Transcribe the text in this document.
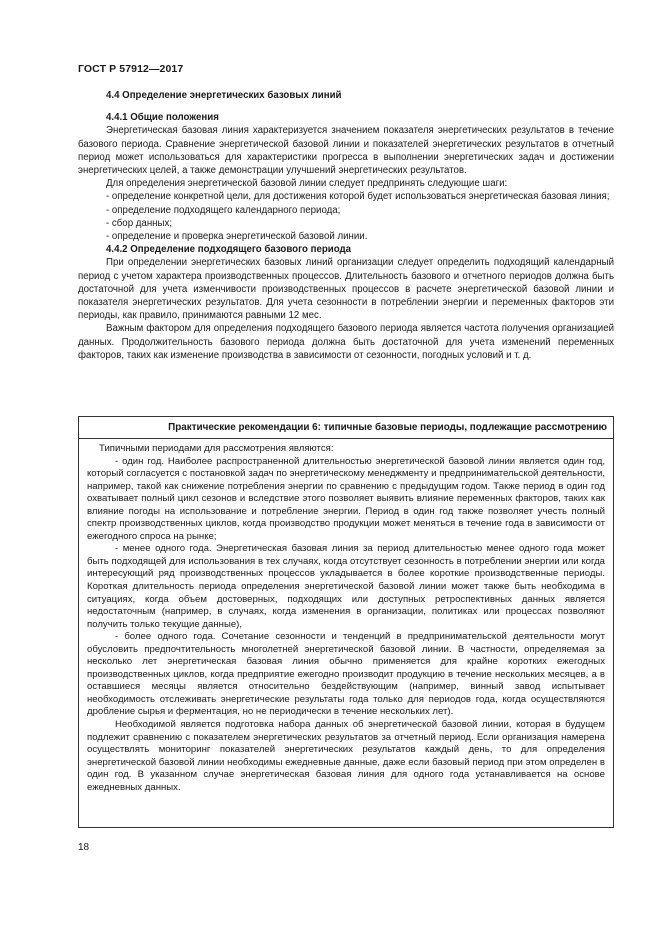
ГОСТ Р 57912—2017
4.4 Определение энергетических базовых линий
4.4.1 Общие положения

Энергетическая базовая линия характеризуется значением показателя энергетических результатов в течение базового периода. Сравнение энергетической базовой линии и показателей энергетических результатов в отчетный период может использоваться для характеристики прогресса в выполнении энергетических задач и достижении энергетических целей, а также демонстрации улучшений энергетических результатов.

Для определения энергетической базовой линии следует предпринять следующие шаги:

- определение конкретной цели, для достижения которой будет использоваться энергетическая базовая линия;

- определение подходящего календарного периода;

- сбор данных;

- определение и проверка энергетической базовой линии.

4.4.2 Определение подходящего базового периода

При определении энергетических базовых линий организации следует определить подходящий календарный период с учетом характера производственных процессов. Длительность базового и отчетного периодов должна быть достаточной для учета изменчивости производственных процессов в расчете энергетической базовой линии и показателя энергетических результатов. Для учета сезонности в потреблении энергии и переменных факторов эти периоды, как правило, принимаются равными 12 мес.

Важным фактором для определения подходящего базового периода является частота получения организацией данных. Продолжительность базового периода должна быть достаточной для учета изменений переменных факторов, таких как изменение производства в зависимости от сезонности, погодных условий и т. д.

Практические рекомендации 6: типичные базовые периоды, подлежащие рассмотрению

Типичными периодами для рассмотрения являются:

- один год. Наиболее распространенной длительностью энергетической базовой линии является один год, который согласуется с постановкой задач по энергетическому менеджменту и предпринимательской деятельности, например, такой как снижение потребления энергии по сравнению с предыдущим годом. Также период в один год охватывает полный цикл сезонов и вследствие этого позволяет выявить влияние переменных факторов, таких как влияние погоды на использование и потребление энергии. Период в один год также позволяет учесть полный спектр производственных циклов, когда производство продукции может меняться в течение года в зависимости от ежегодного спроса на рынке;

- менее одного года. Энергетическая базовая линия за период длительностью менее одного года может быть подходящей для использования в тех случаях, когда отсутствует сезонность в потреблении энергии или когда интересующий ряд производственных процессов укладывается в более короткие производственные периоды. Короткая длительность периода определения энергетической базовой линии может также быть необходима в ситуациях, когда объем достоверных, подходящих или доступных ретроспективных данных является недостаточным (например, в случаях, когда изменения в организации, политиках или процессах позволяют получить только текущие данные),

- более одного года. Сочетание сезонности и тенденций в предпринимательской деятельности могут обусловить предпочтительность многолетней энергетической базовой линии. В частности, определяемая за несколько лет энергетическая базовая линия обычно применяется для крайне коротких ежегодных производственных циклов, когда предприятие ежегодно производит продукцию в течение нескольких месяцев, а в оставшиеся месяцы является относительно бездействующим (например, винный завод испытывает необходимость отслеживать энергетические результаты года только для периодов года, когда осуществляются дробление сырья и ферментация, но не периодически в течение нескольких лет).

Необходимой является подготовка набора данных об энергетической базовой линии, которая в будущем подлежит сравнению с показателем энергетических результатов за отчетный период. Если организация намерена осуществлять мониторинг показателей энергетических результатов каждый день, то для определения энергетической базовой линии необходимы ежедневные данные, даже если базовый период при этом определен в один год. В указанном случае энергетическая базовая линия для одного года устанавливается на основе ежедневных данных.

18
